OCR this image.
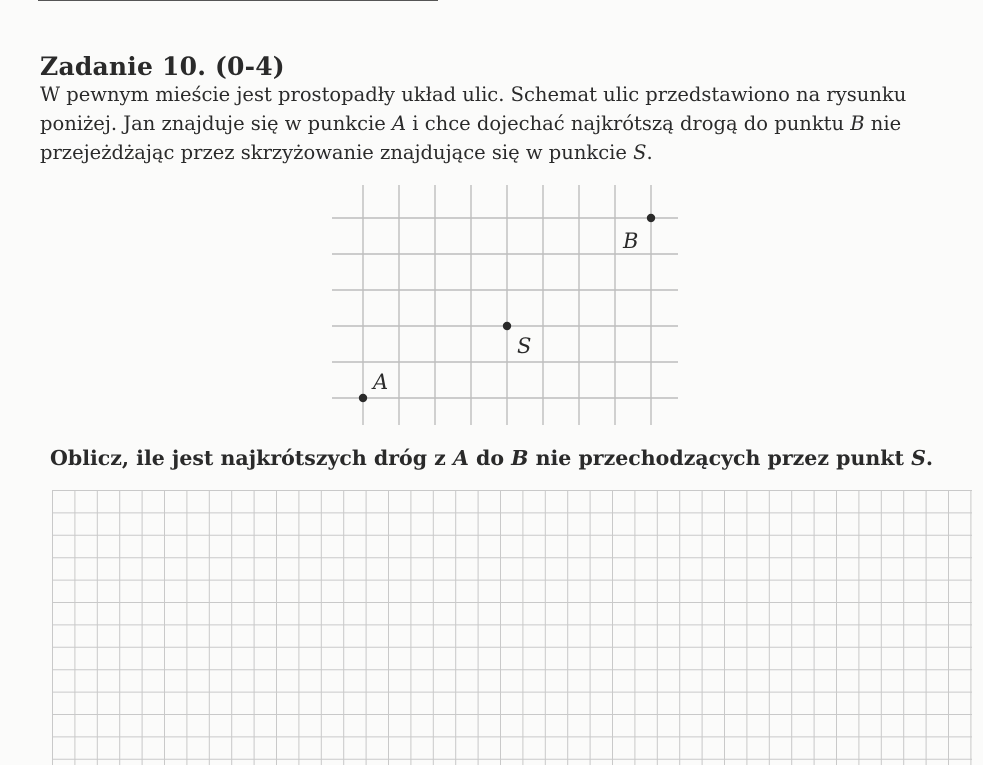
Zadanie 10. (0-4)
W pewnym mieście jest prostopadły układ ulic. Schemat ulic przedstawiono na rysunku
poniżej. Jan znajduje się w punkcie A i chce dojechać najkrótszą drogą do punktu B nie
przejeżdżając przez skrzyżowanie znajdujące się w punkcie S.
A
S
B
Oblicz, ile jest najkrótszych dróg z A do B nie przechodzących przez punkt S.
